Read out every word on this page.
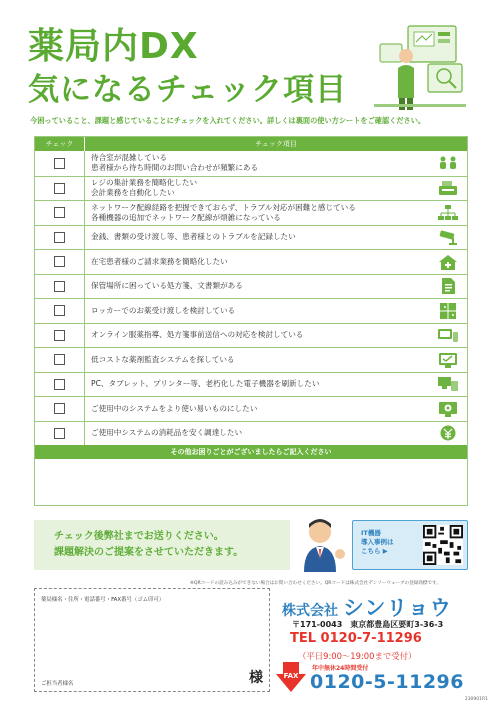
薬局内DX
気になるチェック項目
今困っていること、課題と感じていることにチェックを入れてください。詳しくは裏面の使い方シートをご確認ください。
チェック	チェック項目
待合室が混雑している
患者様から待ち時間のお問い合わせが頻繁にある
レジの集計業務を簡略化したい
会計業務を自動化したい
ネットワーク配線経路を把握できておらず、トラブル対応が困難と感じている
各種機器の追加でネットワーク配線が煩雑になっている
金銭、書類の受け渡し等、患者様とのトラブルを記録したい
在宅患者様のご請求業務を簡略化したい
保管場所に困っている処方箋、文書類がある
ロッカーでのお薬受け渡しを検討している
オンライン服薬指導、処方箋事前送信への対応を検討している
低コストな薬剤監査システムを探している
PC、タブレット、プリンター等、老朽化した電子機器を刷新したい
ご使用中のシステムをより使い易いものにしたい
ご使用中システムの消耗品を安く調達したい
その他お困りごとがございましたらご記入ください
チェック後弊社までお送りください。
課題解決のご提案をさせていただきます。
IT機器
導入事例は
こちら ▶
※QRコードの読み込みができない場合はお問い合わせください。QRコードは株式会社デンソーウェーブの登録商標です。
薬局様名・住所・電話番号・FAX番号（ゴム印可）
ご担当者様名	様
株式会社 シンリョウ
〒171-0043　東京都豊島区要町3-36-3
TEL 0120-7-11296
（平日9:00～19:00まで受付）
FAX
年中無休24時間受付
0120-5-11296
230901R1
